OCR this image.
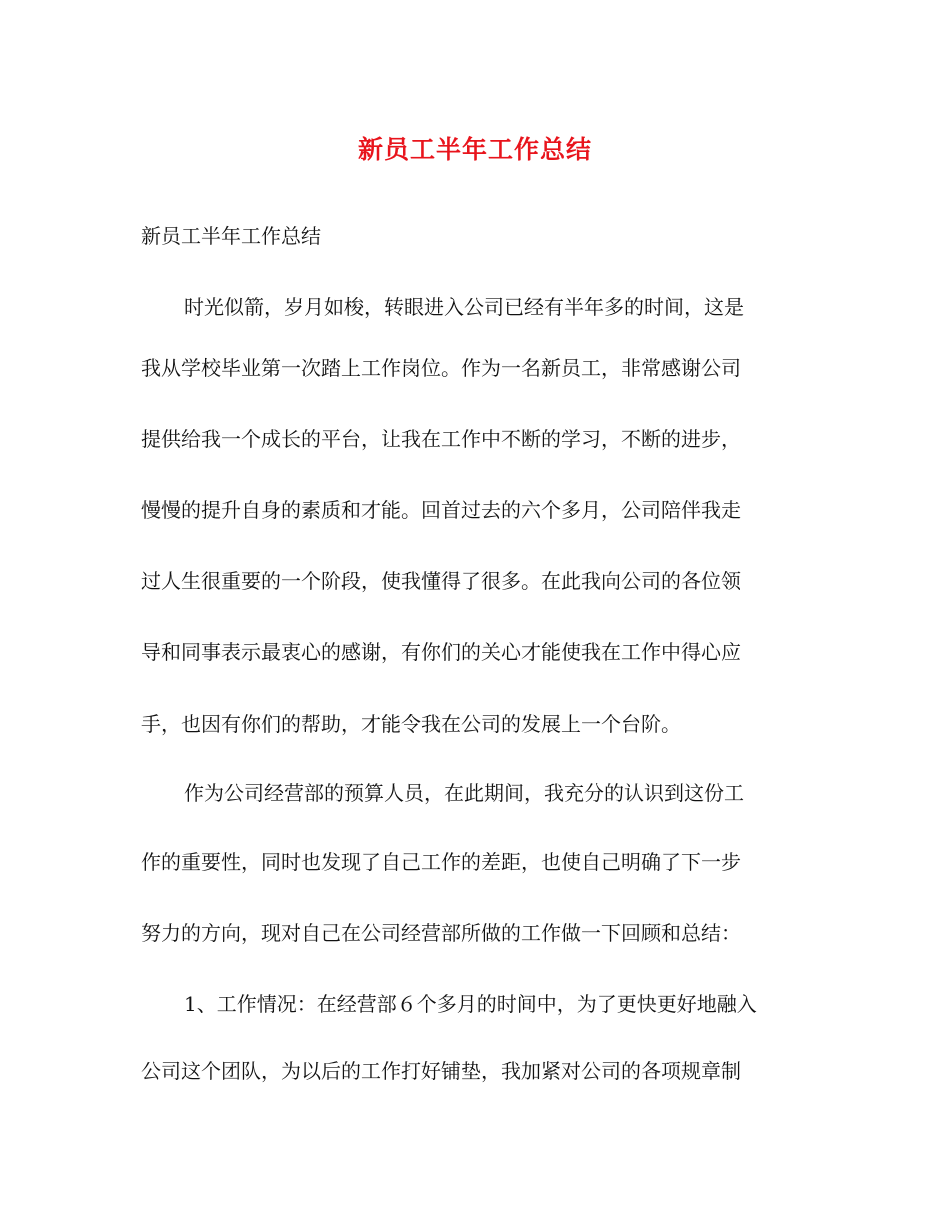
新员工半年工作总结
新员工半年工作总结
时光似箭，岁月如梭，转眼进入公司已经有半年多的时间，这是
我从学校毕业第一次踏上工作岗位。作为一名新员工，非常感谢公司
提供给我一个成长的平台，让我在工作中不断的学习，不断的进步，
慢慢的提升自身的素质和才能。回首过去的六个多月，公司陪伴我走
过人生很重要的一个阶段，使我懂得了很多。在此我向公司的各位领
导和同事表示最衷心的感谢，有你们的关心才能使我在工作中得心应
手，也因有你们的帮助，才能令我在公司的发展上一个台阶。
作为公司经营部的预算人员，在此期间，我充分的认识到这份工
作的重要性，同时也发现了自己工作的差距，也使自己明确了下一步
努力的方向，现对自己在公司经营部所做的工作做一下回顾和总结：
1、工作情况：在经营部６个多月的时间中，为了更快更好地融入
公司这个团队，为以后的工作打好铺垫，我加紧对公司的各项规章制
